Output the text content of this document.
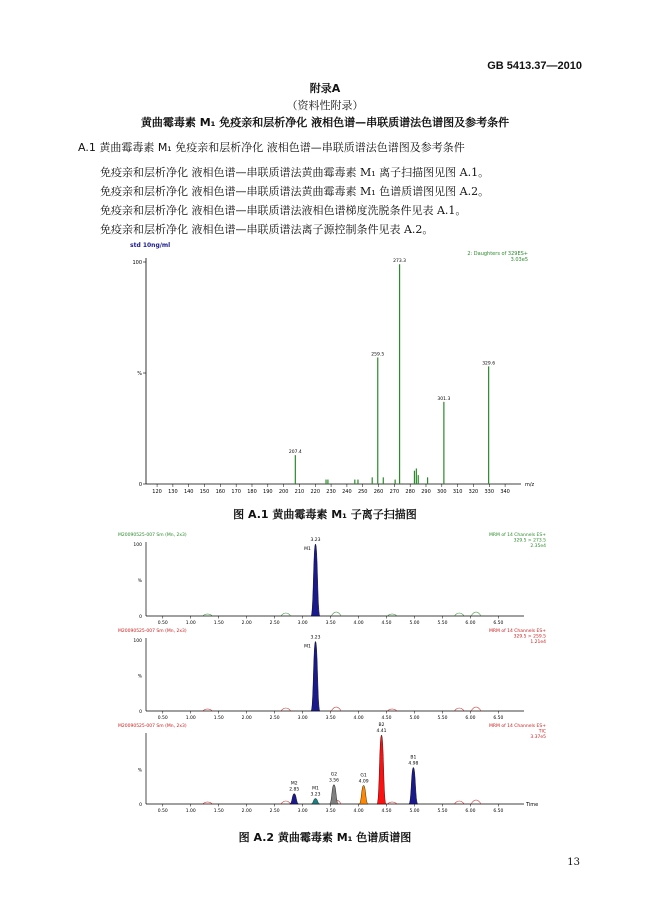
GB 5413.37—2010
附录A
（资料性附录）
黄曲霉毒素 M₁ 免疫亲和层析净化 液相色谱—串联质谱法色谱图及参考条件
A.1 黄曲霉毒素 M₁ 免疫亲和层析净化 液相色谱—串联质谱法色谱图及参考条件
免疫亲和层析净化 液相色谱—串联质谱法黄曲霉毒素 M₁ 离子扫描图见图 A.1。
免疫亲和层析净化 液相色谱—串联质谱法黄曲霉毒素 M₁ 色谱质谱图见图 A.2。
免疫亲和层析净化 液相色谱—串联质谱法液相色谱梯度洗脱条件见表 A.1。
免疫亲和层析净化 液相色谱—串联质谱法离子源控制条件见表 A.2。
std 10ng/ml
2: Daughters of 329ES+
3.03e5
100
%
0
120 130 140 150 160 170 180 190 200 210 220 230 240 250 260 270 280 290 300 310 320 330 340
m/z
207.4
259.5
273.3
301.3
329.6
图 A.1 黄曲霉毒素 M₁ 子离子扫描图
M20090525-007 Sm (Mn, 2x3)	MRM of 14 Channels ES+
329.5 > 273.5
2.35e4
100
%
0
0.50	1.00	1.50	2.00	2.50	3.00	3.50	4.00	4.50	5.00	5.50	6.00	6.50
3.23
M1
M20090525-007 Sm (Mn, 2x3)	MRM of 14 Channels ES+
329.5 > 259.5
1.21e4
100
%
0
0.50	1.00	1.50	2.00	2.50	3.00	3.50	4.00	4.50	5.00	5.50	6.00	6.50
3.23
M1
M20090525-007 Sm (Mn, 2x3)	MRM of 14 Channels ES+
TIC
3.37e5
%
0
0.50	1.00	1.50	2.00	2.50	3.00	3.50	4.00	4.50	5.00	5.50	6.00	6.50
Time
2.85
M2
3.23
M1
3.56
G2
4.09
G1
4.41
B2
4.98
B1
图 A.2 黄曲霉毒素 M₁ 色谱质谱图
13
